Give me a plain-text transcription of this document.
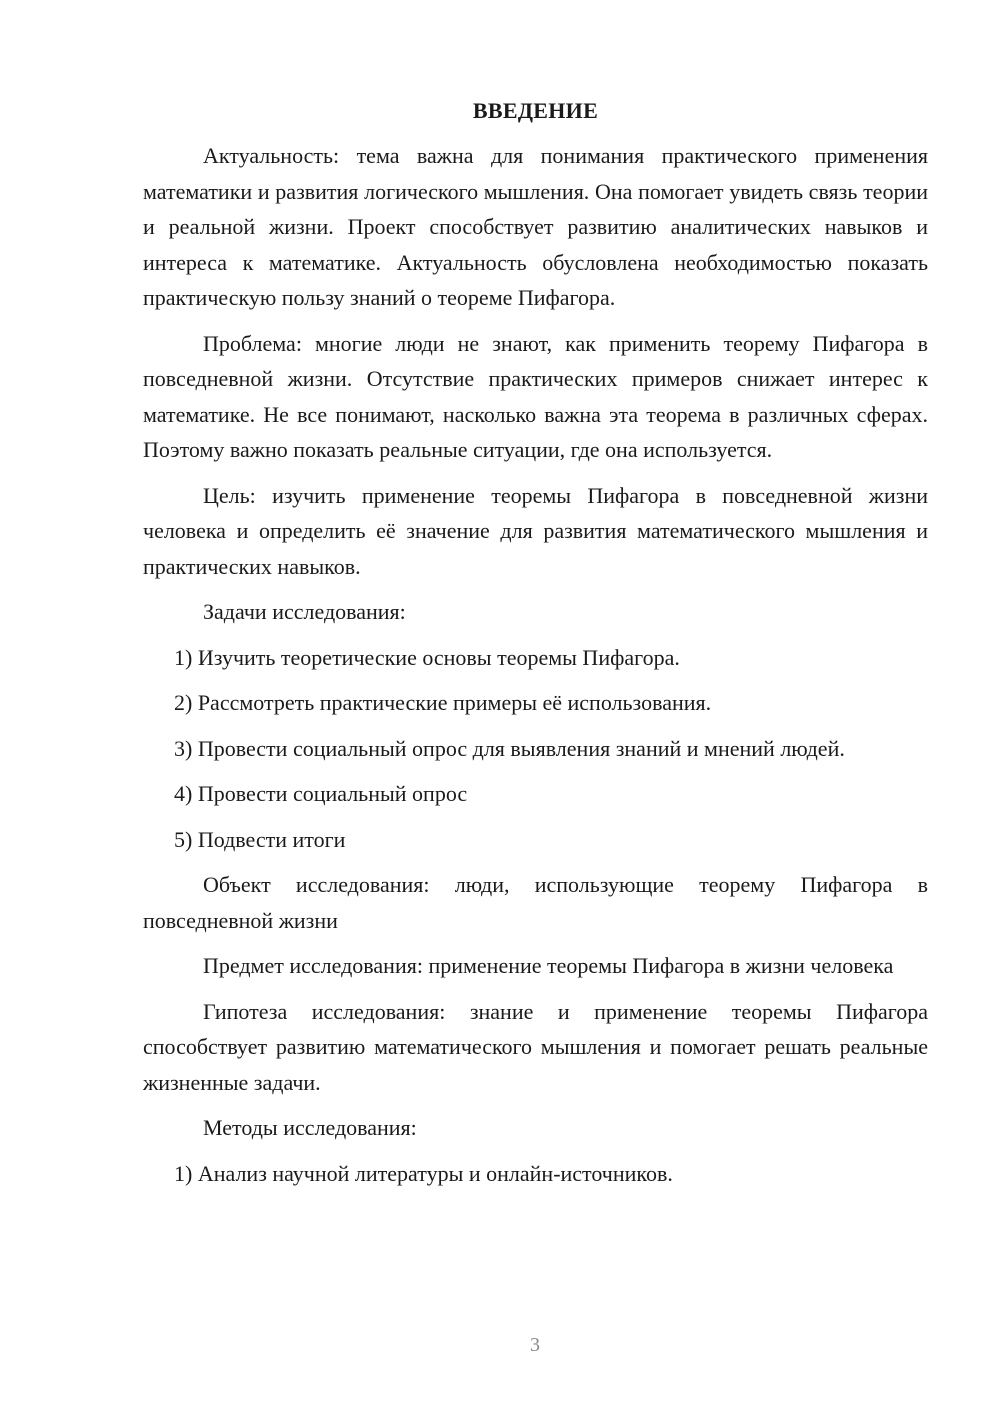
ВВЕДЕНИЕ

Актуальность: тема важна для понимания практического применения математики и развития логического мышления. Она помогает увидеть связь теории и реальной жизни. Проект способствует развитию аналитических навыков и интереса к математике. Актуальность обусловлена необходимостью показать практическую пользу знаний о теореме Пифагора.

Проблема: многие люди не знают, как применить теорему Пифагора в повседневной жизни. Отсутствие практических примеров снижает интерес к математике. Не все понимают, насколько важна эта теорема в различных сферах. Поэтому важно показать реальные ситуации, где она используется.

Цель: изучить применение теоремы Пифагора в повседневной жизни человека и определить её значение для развития математического мышления и практических навыков.

Задачи исследования:
1) Изучить теоретические основы теоремы Пифагора.
2) Рассмотреть практические примеры её использования.
3) Провести социальный опрос для выявления знаний и мнений людей.
4) Провести социальный опрос
5) Подвести итоги

Объект исследования: люди, использующие теорему Пифагора в повседневной жизни

Предмет исследования: применение теоремы Пифагора в жизни человека

Гипотеза исследования: знание и применение теоремы Пифагора способствует развитию математического мышления и помогает решать реальные жизненные задачи.

Методы исследования:
1) Анализ научной литературы и онлайн-источников.
3
